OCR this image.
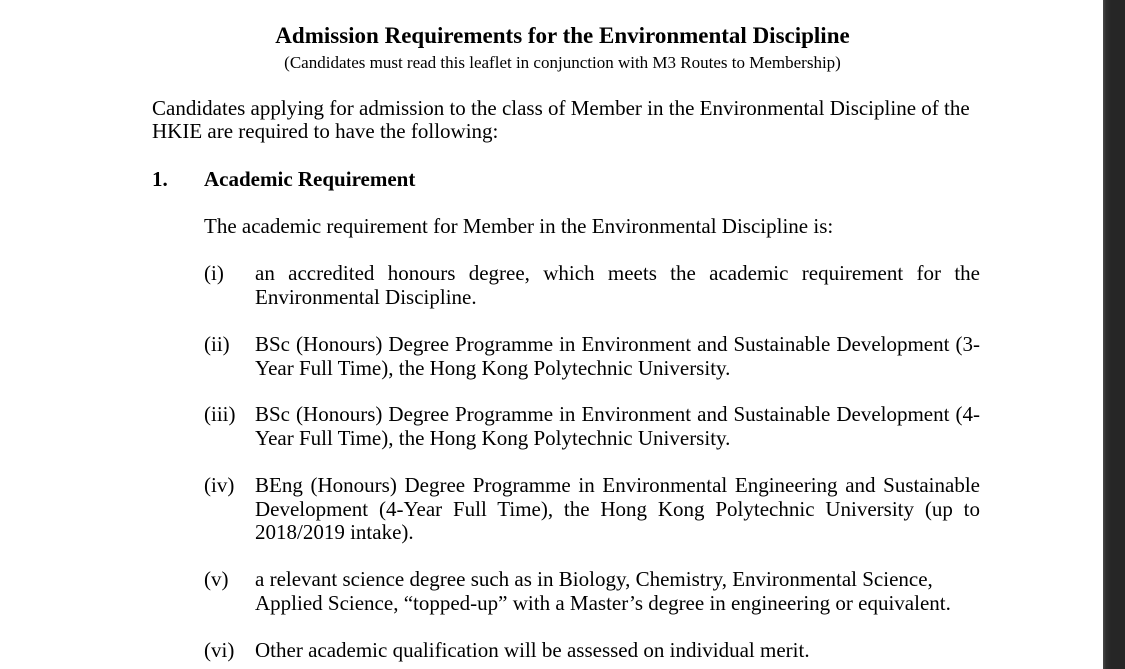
Admission Requirements for the Environmental Discipline
(Candidates must read this leaflet in conjunction with M3 Routes to Membership)
Candidates applying for admission to the class of Member in the Environmental Discipline of the HKIE are required to have the following:
1. Academic Requirement
The academic requirement for Member in the Environmental Discipline is:
(i) an accredited honours degree, which meets the academic requirement for the Environmental Discipline.
(ii) BSc (Honours) Degree Programme in Environment and Sustainable Development (3-Year Full Time), the Hong Kong Polytechnic University.
(iii) BSc (Honours) Degree Programme in Environment and Sustainable Development (4-Year Full Time), the Hong Kong Polytechnic University.
(iv) BEng (Honours) Degree Programme in Environmental Engineering and Sustainable Development (4-Year Full Time), the Hong Kong Polytechnic University (up to 2018/2019 intake).
(v) a relevant science degree such as in Biology, Chemistry, Environmental Science, Applied Science, “topped-up” with a Master’s degree in engineering or equivalent.
(vi) Other academic qualification will be assessed on individual merit.
